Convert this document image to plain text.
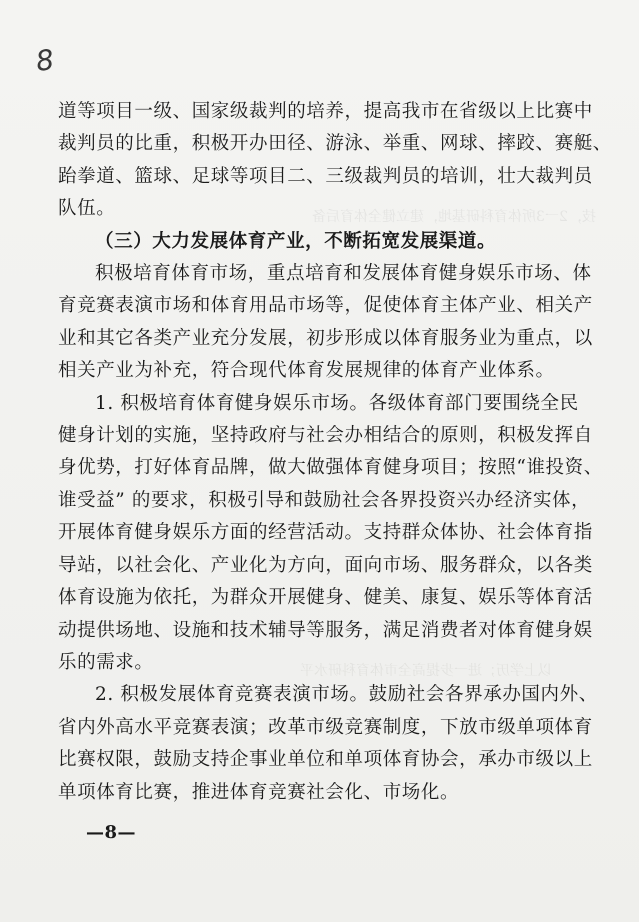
技，2一3所体育科研基地，建立健全体育后备
以上学历；进一步提高全市体育科研水平
8

道等项目一级、国家级裁判的培养，提高我市在省级以上比赛中
裁判员的比重，积极开办田径、游泳、举重、网球、摔跤、赛艇、
跆拳道、篮球、足球等项目二、三级裁判员的培训，壮大裁判员
队伍。

（三）大力发展体育产业，不断拓宽发展渠道。

积极培育体育市场，重点培育和发展体育健身娱乐市场、体
育竞赛表演市场和体育用品市场等，促使体育主体产业、相关产
业和其它各类产业充分发展，初步形成以体育服务业为重点，以
相关产业为补充，符合现代体育发展规律的体育产业体系。

1. 积极培育体育健身娱乐市场。各级体育部门要围绕全民
健身计划的实施，坚持政府与社会办相结合的原则，积极发挥自
身优势，打好体育品牌，做大做强体育健身项目；按照“谁投资、
谁受益” 的要求，积极引导和鼓励社会各界投资兴办经济实体，
开展体育健身娱乐方面的经营活动。支持群众体协、社会体育指
导站，以社会化、产业化为方向，面向市场、服务群众，以各类
体育设施为依托，为群众开展健身、健美、康复、娱乐等体育活
动提供场地、设施和技术辅导等服务，满足消费者对体育健身娱
乐的需求。

2. 积极发展体育竞赛表演市场。鼓励社会各界承办国内外、
省内外高水平竞赛表演；改革市级竞赛制度，下放市级单项体育
比赛权限，鼓励支持企事业单位和单项体育协会，承办市级以上
单项体育比赛，推进体育竞赛社会化、市场化。

—8—
